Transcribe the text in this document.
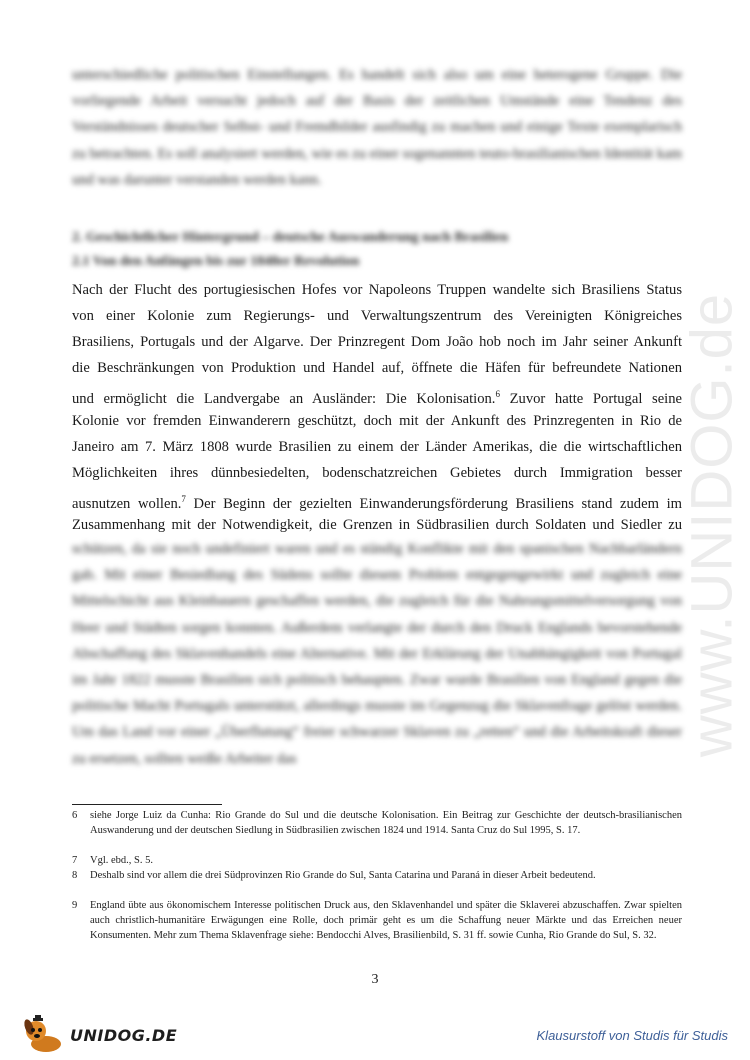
www.UNIDOG.de
unterschiedliche politischen Einstellungen. Es handelt sich also um eine heterogene Gruppe. Die vorliegende Arbeit versucht jedoch auf der Basis der zeitlichen Umstände eine Tendenz des Verständnisses deutscher Selbst- und Fremdbilder ausfindig zu machen und einige Texte exemplarisch zu betrachten. Es soll analysiert werden, wie es zu einer sogenannten teuto-brasilianischen Identität kam und was darunter verstanden werden kann.
2. Geschichtlicher Hintergrund – deutsche Auswanderung nach Brasilien
2.1 Von den Anfängen bis zur 1848er Revolution
Nach der Flucht des portugiesischen Hofes vor Napoleons Truppen wandelte sich Brasiliens Status
von einer Kolonie zum Regierungs- und Verwaltungszentrum des Vereinigten Königreiches
Brasiliens, Portugals und der Algarve. Der Prinzregent Dom João hob noch im Jahr seiner Ankunft
die Beschränkungen von Produktion und Handel auf, öffnete die Häfen für befreundete Nationen
und ermöglicht die Landvergabe an Ausländer: Die Kolonisation.$^6$ Zuvor hatte Portugal seine
Kolonie vor fremden Einwanderern geschützt, doch mit der Ankunft des Prinzregenten in Rio de
Janeiro am 7. März 1808 wurde Brasilien zu einem der Länder Amerikas, die die wirtschaftlichen
Möglichkeiten ihres dünnbesiedelten, bodenschatzreichen Gebietes durch Immigration besser
ausnutzen wollen.$^7$ Der Beginn der gezielten Einwanderungsförderung Brasiliens stand zudem im
Zusammenhang mit der Notwendigkeit, die Grenzen in Südbrasilien durch Soldaten und Siedler zu
schützen, da sie noch undefiniert waren und es ständig Konflikte mit den spanischen Nachbarländern gab. Mit einer Besiedlung des Südens sollte diesem Problem entgegengewirkt und zugleich eine Mittelschicht aus Kleinbauern geschaffen werden, die zugleich für die Nahrungsmittelversorgung von Heer und Städten sorgen konnten. Außerdem verlangte der durch den Druck Englands bevorstehende Abschaffung des Sklavenhandels eine Alternative. Mit der Erklärung der Unabhängigkeit von Portugal im Jahr 1822 musste Brasilien sich politisch behaupten. Zwar wurde Brasilien von England gegen die politische Macht Portugals unterstützt, allerdings musste im Gegenzug die Sklavenfrage gelöst werden. Um das Land vor einer „Überflutung“ freier schwarzer Sklaven zu „retten“ und die Arbeitskraft dieser zu ersetzen, sollten weiße Arbeiter das
6	siehe Jorge Luiz da Cunha: Rio Grande do Sul und die deutsche Kolonisation. Ein Beitrag zur Geschichte der deutsch-brasilianischen Auswanderung und der deutschen Siedlung in Südbrasilien zwischen 1824 und 1914. Santa Cruz do Sul 1995, S. 17.
7	Vgl. ebd., S. 5.
8	Deshalb sind vor allem die drei Südprovinzen Rio Grande do Sul, Santa Catarina und Paraná in dieser Arbeit bedeutend.
9	England übte aus ökonomischem Interesse politischen Druck aus, den Sklavenhandel und später die Sklaverei abzuschaffen. Zwar spielten auch christlich-humanitäre Erwägungen eine Rolle, doch primär geht es um die Schaffung neuer Märkte und das Erreichen neuer Konsumenten. Mehr zum Thema Sklavenfrage siehe: Bendocchi Alves, Brasilienbild, S. 31 ff. sowie Cunha, Rio Grande do Sul, S. 32.
3
UNIDOG.DE	Klausurstoff von Studis für Studis
